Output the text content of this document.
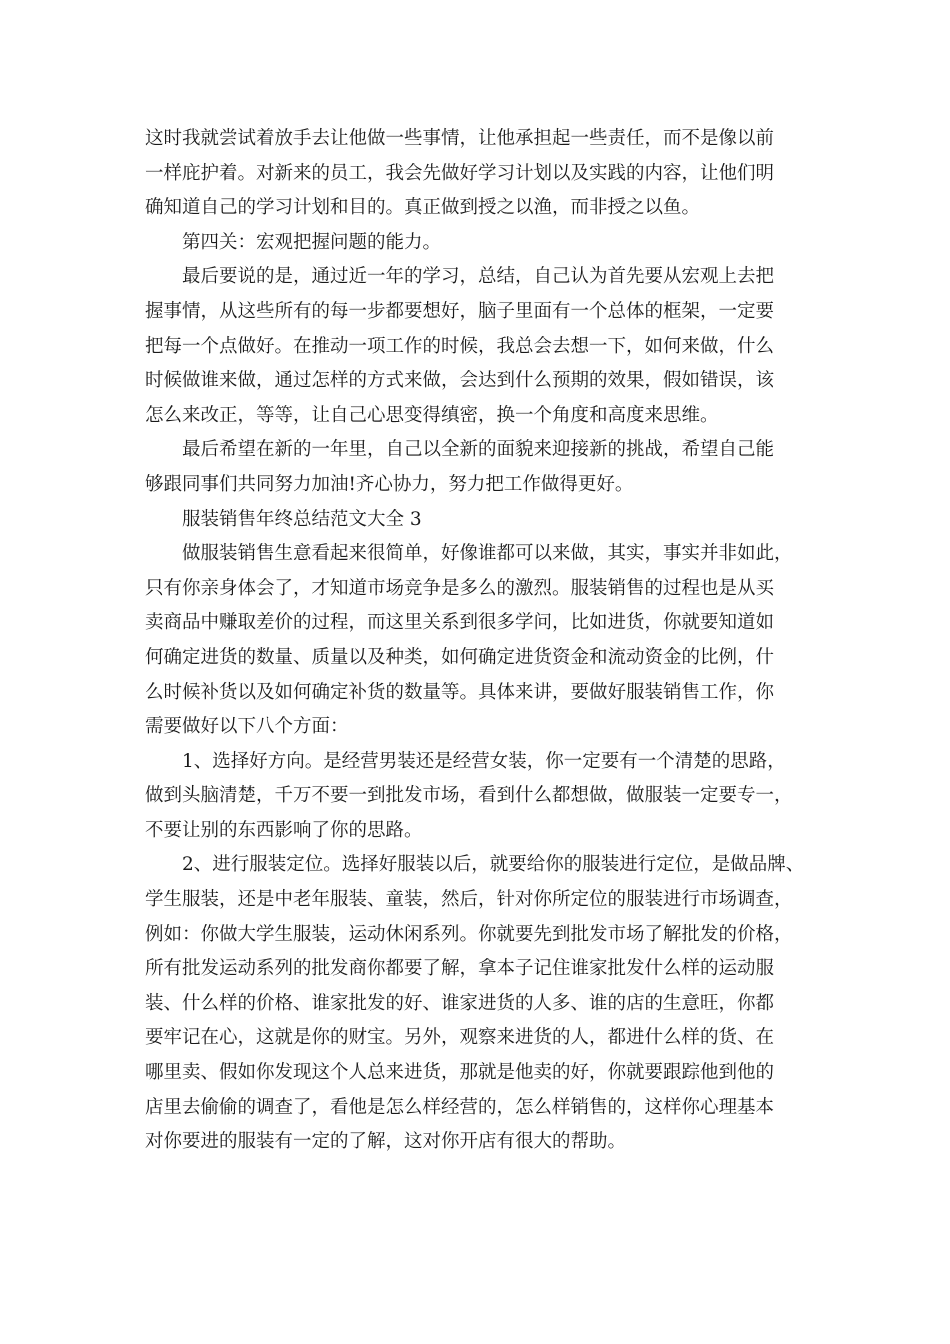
这时我就尝试着放手去让他做一些事情，让他承担起一些责任，而不是像以前

一样庇护着。对新来的员工，我会先做好学习计划以及实践的内容，让他们明

确知道自己的学习计划和目的。真正做到授之以渔，而非授之以鱼。

第四关：宏观把握问题的能力。

最后要说的是，通过近一年的学习，总结，自己认为首先要从宏观上去把

握事情，从这些所有的每一步都要想好，脑子里面有一个总体的框架，一定要

把每一个点做好。在推动一项工作的时候，我总会去想一下，如何来做，什么

时候做谁来做，通过怎样的方式来做，会达到什么预期的效果，假如错误，该

怎么来改正，等等，让自己心思变得缜密，换一个角度和高度来思维。

最后希望在新的一年里，自己以全新的面貌来迎接新的挑战，希望自己能

够跟同事们共同努力加油!齐心协力，努力把工作做得更好。

服装销售年终总结范文大全 3

做服装销售生意看起来很简单，好像谁都可以来做，其实，事实并非如此，

只有你亲身体会了，才知道市场竞争是多么的激烈。服装销售的过程也是从买

卖商品中赚取差价的过程，而这里关系到很多学问，比如进货，你就要知道如

何确定进货的数量、质量以及种类，如何确定进货资金和流动资金的比例，什

么时候补货以及如何确定补货的数量等。具体来讲，要做好服装销售工作，你

需要做好以下八个方面：

1、选择好方向。是经营男装还是经营女装，你一定要有一个清楚的思路，

做到头脑清楚，千万不要一到批发市场，看到什么都想做，做服装一定要专一，

不要让别的东西影响了你的思路。

2、进行服装定位。选择好服装以后，就要给你的服装进行定位，是做品牌、

学生服装，还是中老年服装、童装，然后，针对你所定位的服装进行市场调查，

例如：你做大学生服装，运动休闲系列。你就要先到批发市场了解批发的价格，

所有批发运动系列的批发商你都要了解，拿本子记住谁家批发什么样的运动服

装、什么样的价格、谁家批发的好、谁家进货的人多、谁的店的生意旺，你都

要牢记在心，这就是你的财宝。另外，观察来进货的人，都进什么样的货、在

哪里卖、假如你发现这个人总来进货，那就是他卖的好，你就要跟踪他到他的

店里去偷偷的调查了，看他是怎么样经营的，怎么样销售的，这样你心理基本

对你要进的服装有一定的了解，这对你开店有很大的帮助。
